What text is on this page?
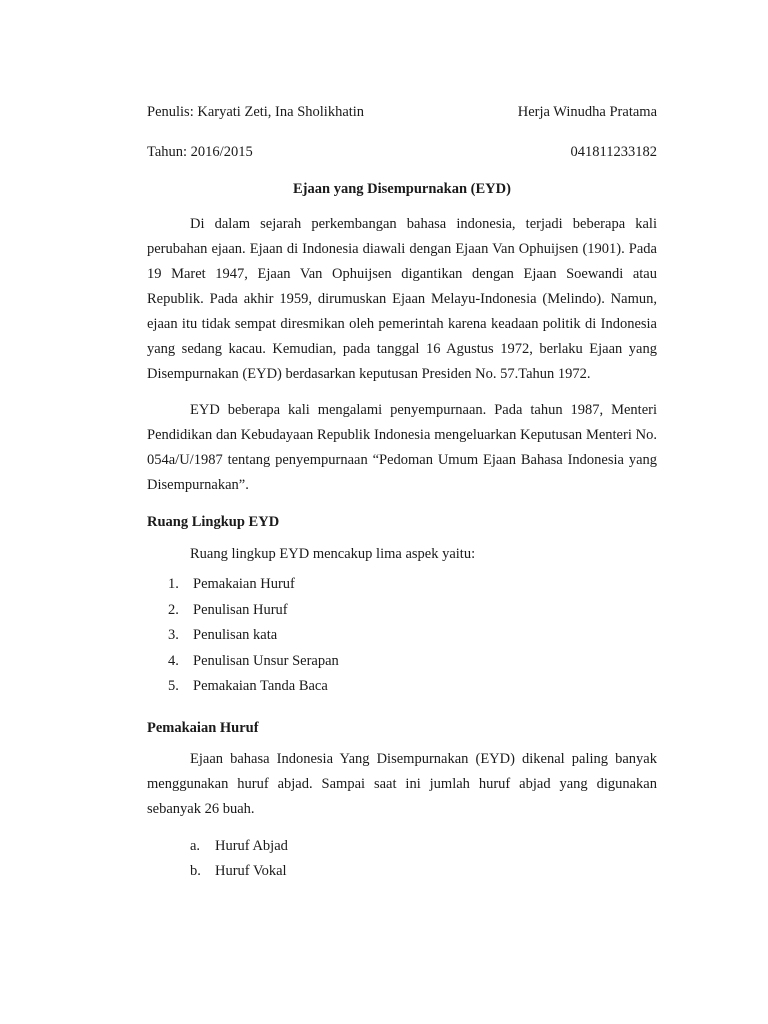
Penulis: Karyati Zeti, Ina Sholikhatin	Herja Winudha Pratama
Tahun: 2016/2015	041811233182
Ejaan yang Disempurnakan (EYD)

Di dalam sejarah perkembangan bahasa indonesia, terjadi beberapa kali perubahan ejaan. Ejaan di Indonesia diawali dengan Ejaan Van Ophuijsen (1901). Pada 19 Maret 1947, Ejaan Van Ophuijsen digantikan dengan Ejaan Soewandi atau Republik. Pada akhir 1959, dirumuskan Ejaan Melayu-Indonesia (Melindo). Namun, ejaan itu tidak sempat diresmikan oleh pemerintah karena keadaan politik di Indonesia yang sedang kacau. Kemudian, pada tanggal 16 Agustus 1972, berlaku Ejaan yang Disempurnakan (EYD) berdasarkan keputusan Presiden No. 57.Tahun 1972.

EYD beberapa kali mengalami penyempurnaan. Pada tahun 1987, Menteri Pendidikan dan Kebudayaan Republik Indonesia mengeluarkan Keputusan Menteri No. 054a/U/1987 tentang penyempurnaan “Pedoman Umum Ejaan Bahasa Indonesia yang Disempurnakan”.

Ruang Lingkup EYD
Ruang lingkup EYD mencakup lima aspek yaitu:
1. Pemakaian Huruf
2. Penulisan Huruf
3. Penulisan kata
4. Penulisan Unsur Serapan
5. Pemakaian Tanda Baca
Pemakaian Huruf

Ejaan bahasa Indonesia Yang Disempurnakan (EYD) dikenal paling banyak menggunakan huruf abjad. Sampai saat ini jumlah huruf abjad yang digunakan sebanyak 26 buah.

a.	Huruf Abjad
b. Huruf Vokal
